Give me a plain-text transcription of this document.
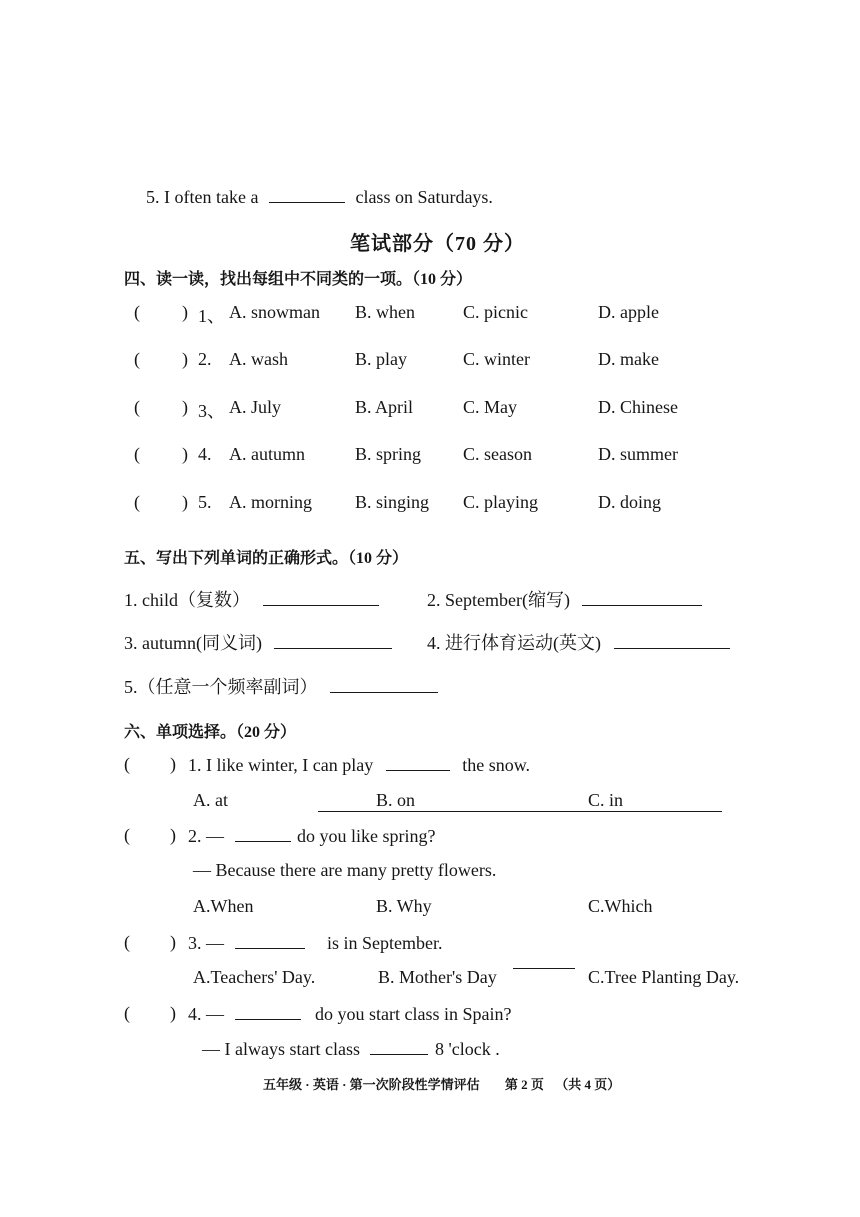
5. I often take a	class on Saturdays.
笔试部分（70 分）
四、读一读，找出每组中不同类的一项。（10 分）
( ) 1、 A. snowman B. when	C. picnic	D. apple
( ) 2. A. wash	B. play	C. winter	D. make
( ) 3、 A. July	B. April	C. May	D. Chinese
( ) 4. A. autumn	B. spring C. season	D. summer
( ) 5. A. morning B. singing C. playing	D. doing
五、写出下列单词的正确形式。（10 分）
1. child（复数）	2. September(缩写)
3. autumn(同义词)	4. 进行体育运动(英文)
5.（任意一个频率副词）
六、单项选择。（20 分）
( ) 1. I like winter, I can play	the snow.
A. at	B. on	C. in
( ) 2. —	do you like spring?
— Because there are many pretty flowers.
A.When	B. Why	C.Which
( ) 3. —	is in September.
A.Teachers' Day.	B. Mother's Day	C.Tree Planting Day.
( ) 4. —	do you start class in Spain?
— I always start class	8 'clock .
五年级 · 英语 · 第一次阶段性学情评估 第 2 页 （共 4 页）
